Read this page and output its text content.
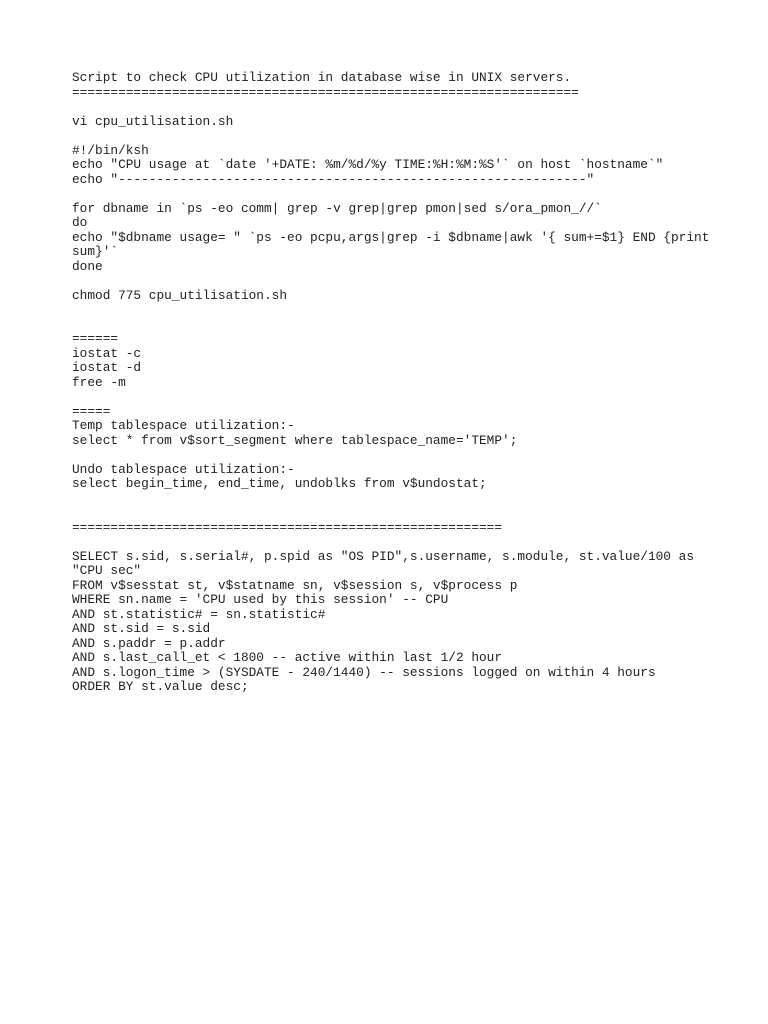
Script to check CPU utilization in database wise in UNIX servers.
==================================================================
vi cpu_utilisation.sh
#!/bin/ksh
echo "CPU usage at `date '+DATE: %m/%d/%y TIME:%H:%M:%S'` on host `hostname`"
echo "-------------------------------------------------------------"
for dbname in `ps -eo comm| grep -v grep|grep pmon|sed s/ora_pmon_//`
do
echo "$dbname usage= " `ps -eo pcpu,args|grep -i $dbname|awk '{ sum+=$1} END {print
sum}'`
done
chmod 775 cpu_utilisation.sh
======
iostat -c
iostat -d
free -m
=====
Temp tablespace utilization:-
select * from v$sort_segment where tablespace_name='TEMP';
Undo tablespace utilization:-
select begin_time, end_time, undoblks from v$undostat;
========================================================
SELECT s.sid, s.serial#, p.spid as "OS PID",s.username, s.module, st.value/100 as
"CPU sec"
FROM v$sesstat st, v$statname sn, v$session s, v$process p
WHERE sn.name = 'CPU used by this session' -- CPU
AND st.statistic# = sn.statistic#
AND st.sid = s.sid
AND s.paddr = p.addr
AND s.last_call_et < 1800 -- active within last 1/2 hour
AND s.logon_time > (SYSDATE - 240/1440) -- sessions logged on within 4 hours
ORDER BY st.value desc;
